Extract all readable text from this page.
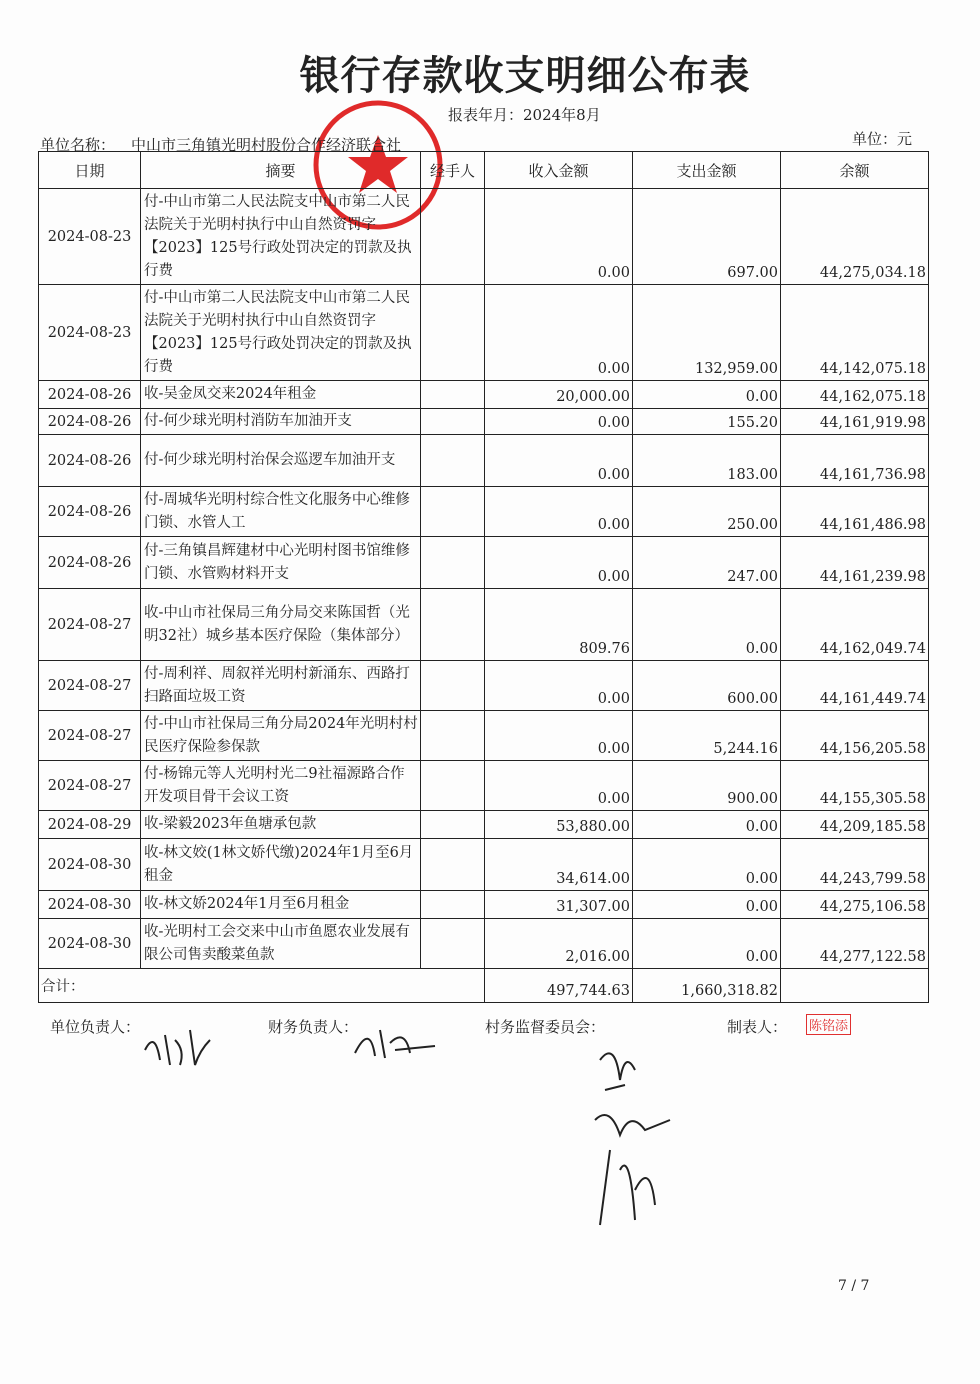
银行存款收支明细公布表
报表年月：2024年8月
单位名称： 中山市三角镇光明村股份合作经济联合社	单位：元
日期	摘要	经手人	收入金额	支出金额	余额
2024-08-23	付-中山市第二人民法院支中山市第二人民法院关于光明村执行中山自然资罚字【2023】125号行政处罚决定的罚款及执行费		0.00	697.00	44,275,034.18
2024-08-23	付-中山市第二人民法院支中山市第二人民法院关于光明村执行中山自然资罚字【2023】125号行政处罚决定的罚款及执行费		0.00	132,959.00	44,142,075.18
2024-08-26	收-吴金凤交来2024年租金		20,000.00	0.00	44,162,075.18
2024-08-26	付-何少球光明村消防车加油开支		0.00	155.20	44,161,919.98
2024-08-26	付-何少球光明村治保会巡逻车加油开支		0.00	183.00	44,161,736.98
2024-08-26	付-周城华光明村综合性文化服务中心维修门锁、水管人工		0.00	250.00	44,161,486.98
2024-08-26	付-三角镇昌辉建材中心光明村图书馆维修门锁、水管购材料开支		0.00	247.00	44,161,239.98
2024-08-27	收-中山市社保局三角分局交来陈国哲（光明32社）城乡基本医疗保险（集体部分）		809.76	0.00	44,162,049.74
2024-08-27	付-周利祥、周叙祥光明村新涌东、西路打扫路面垃圾工资		0.00	600.00	44,161,449.74
2024-08-27	付-中山市社保局三角分局2024年光明村村民医疗保险参保款		0.00	5,244.16	44,156,205.58
2024-08-27	付-杨锦元等人光明村光二9社福源路合作开发项目骨干会议工资		0.00	900.00	44,155,305.58
2024-08-29	收-梁毅2023年鱼塘承包款		53,880.00	0.00	44,209,185.58
2024-08-30	收-林文姣(1林文娇代缴)2024年1月至6月租金		34,614.00	0.00	44,243,799.58
2024-08-30	收-林文娇2024年1月至6月租金		31,307.00	0.00	44,275,106.58
2024-08-30	收-光明村工会交来中山市鱼愿农业发展有限公司售卖酸菜鱼款		2,016.00	0.00	44,277,122.58
合计：			497,744.63	1,660,318.82	
单位负责人：	财务负责人：	村务监督委员会：	制表人： 陈铭添
7 / 7
